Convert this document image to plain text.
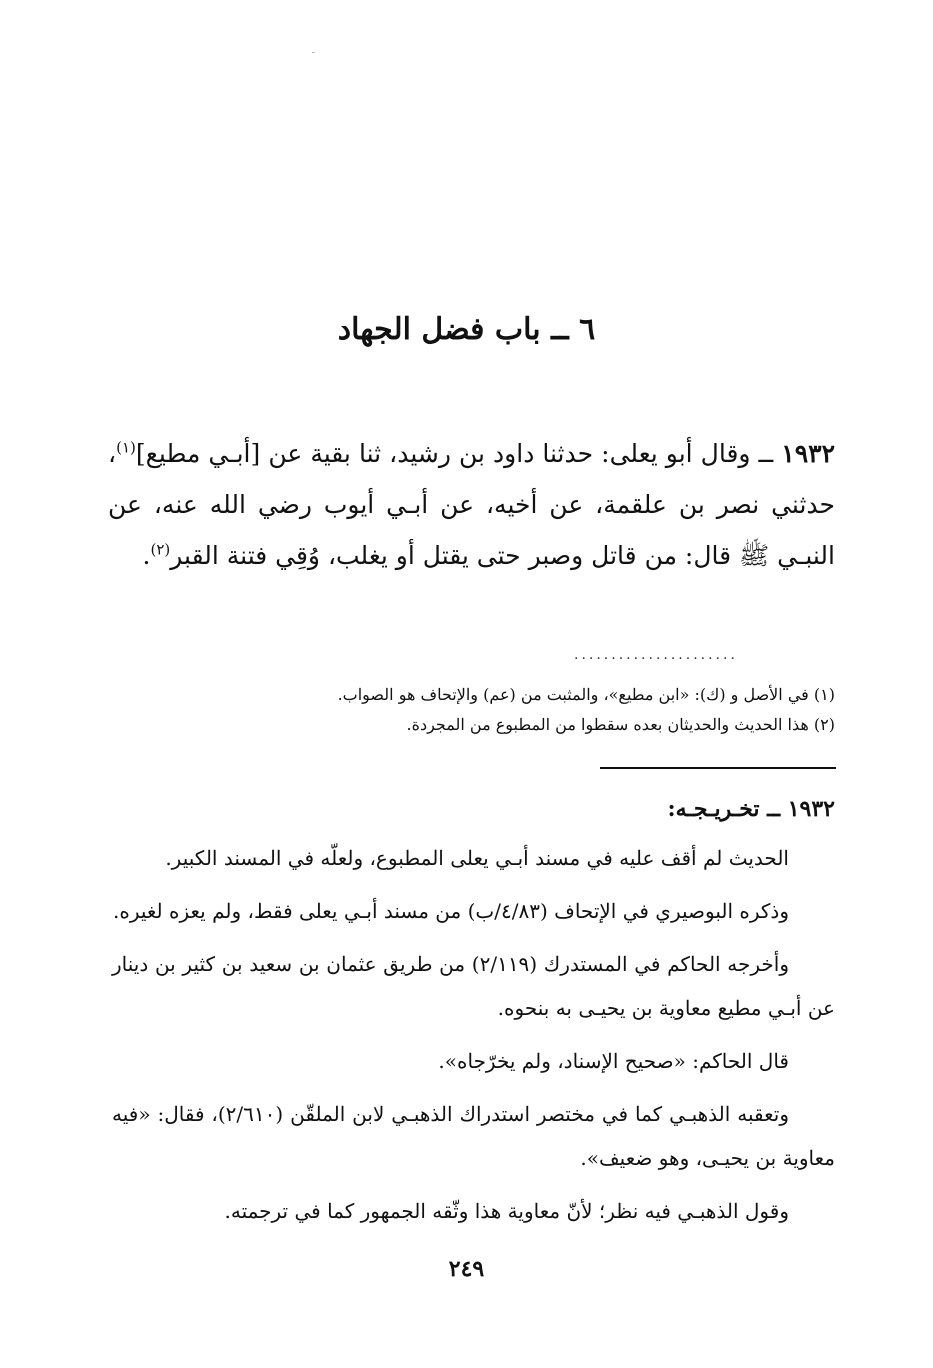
٦ ــ باب فضل الجهاد
١٩٣٢ ــ وقال أبو يعلى: حدثنا داود بن رشيد، ثنا بقية عن [أبـي مطيع]$^{(١)}$، حدثني نصر بن علقمة، عن أخيه، عن أبـي أيوب رضي الله عنه، عن النبـي ﷺ قال: من قاتل وصبر حتى يقتل أو يغلب، وُقِي فتنة القبر$^{(٢)}$.
......................
(١) في الأصل و (ك): «ابن مطيع»، والمثبت من (عم) والإتحاف هو الصواب.
(٢) هذا الحديث والحديثان بعده سقطوا من المطبوع من المجردة.
١٩٣٢ ــ تخـريـجـه:

الحديث لم أقف عليه في مسند أبـي يعلى المطبوع، ولعلّه في المسند الكبير.

وذكره البوصيري في الإتحاف (٤/٨٣/ب) من مسند أبـي يعلى فقط، ولم يعزه لغيره.

وأخرجه الحاكم في المستدرك (٢/١١٩) من طريق عثمان بن سعيد بن كثير بن دينار عن أبـي مطيع معاوية بن يحيـى به بنحوه.

قال الحاكم: «صحيح الإسناد، ولم يخرّجاه».

وتعقبه الذهبـي كما في مختصر استدراك الذهبـي لابن الملقّن (٢/٦١٠)، فقال: «فيه معاوية بن يحيـى، وهو ضعيف».

وقول الذهبـي فيه نظر؛ لأنّ معاوية هذا وثّقه الجمهور كما في ترجمته.

٢٤٩
